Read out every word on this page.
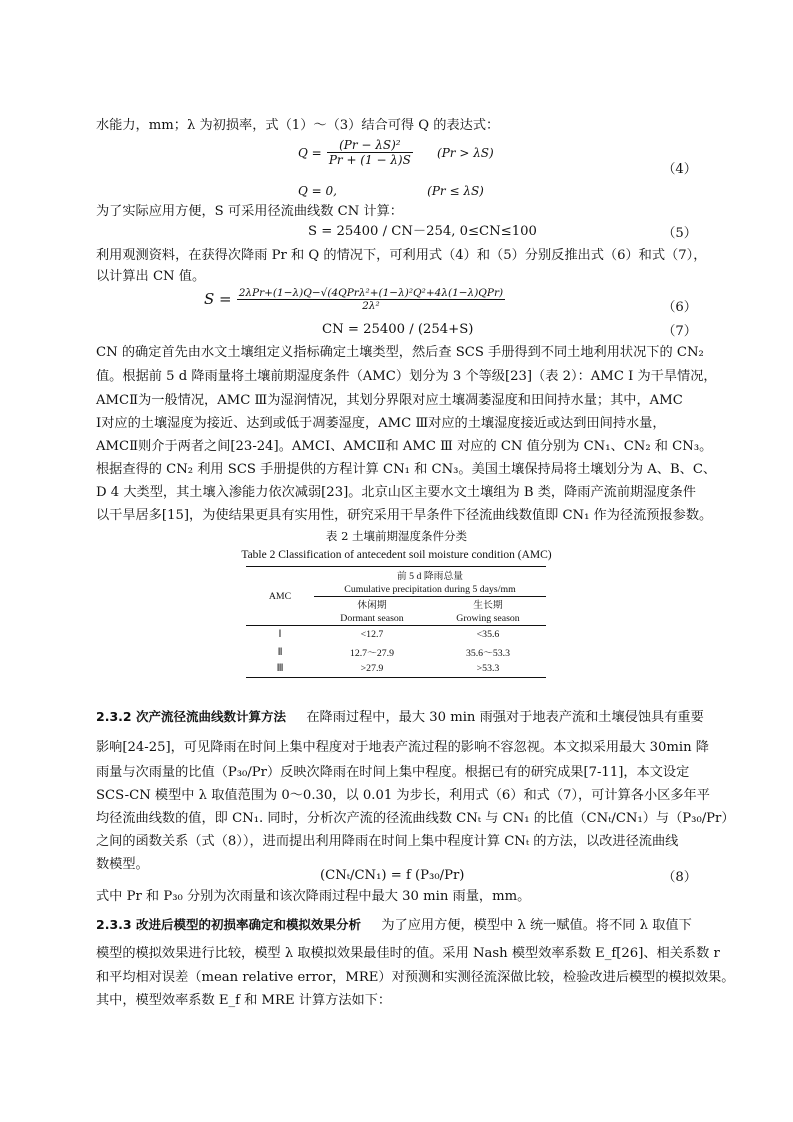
水能力，mm；λ 为初损率，式（1）～（3）结合可得 Q 的表达式：
$Q = \frac{\text{(Pr − λS)²}}{Pr + (1 - \lambda)S} (Pr > \lambda S)$
（4）
Q = 0,	(Pr ≤ λS)
为了实际应用方便，S 可采用径流曲线数 CN 计算：
S = 25400 / CN－254, 0≤CN≤100	（5）
利用观测资料，在获得次降雨 Pr 和 Q 的情况下，可利用式（4）和（5）分别反推出式（6）和式（7），
以计算出 CN 值。
$S = \frac{\text{2λPr+(1−λ)Q−√(4QPrλ²+(1−λ)²Q²+4λ(1−λ)QPr)}}{\text{2λ²}}$	（6）
CN = 25400 / (254+S)	（7）
CN 的确定首先由水文土壤组定义指标确定土壤类型，然后查 SCS 手册得到不同土地利用状况下的 CN₂
值。根据前 5 d 降雨量将土壤前期湿度条件（AMC）划分为 3 个等级[23]（表 2）：AMC Ⅰ 为干旱情况，
AMCⅡ为一般情况，AMC Ⅲ为湿润情况，其划分界限对应土壤凋萎湿度和田间持水量；其中，AMC
Ⅰ对应的土壤湿度为接近、达到或低于凋萎湿度，AMC Ⅲ对应的土壤湿度接近或达到田间持水量，
AMCⅡ则介于两者之间[23-24]。AMCⅠ、AMCⅡ和 AMC Ⅲ 对应的 CN 值分别为 CN₁、CN₂ 和 CN₃。
根据查得的 CN₂ 利用 SCS 手册提供的方程计算 CN₁ 和 CN₃。美国土壤保持局将土壤划分为 A、B、C、
D 4 大类型，其土壤入渗能力依次减弱[23]。北京山区主要水文土壤组为 B 类，降雨产流前期湿度条件
以干旱居多[15]，为使结果更具有实用性，研究采用干旱条件下径流曲线数值即 CN₁ 作为径流预报参数。
表 2 土壤前期湿度条件分类
Table 2 Classification of antecedent soil moisture condition (AMC)
AMC	前 5 d 降雨总量	
	Cumulative precipitation during 5 days/mm	
	休闲期	生长期
	Dormant season	Growing season
Ⅰ	<12.7	<35.6
Ⅱ	12.7～27.9	35.6～53.3
Ⅲ	>27.9	>53.3
2.3.2 次产流径流曲线数计算方法 在降雨过程中，最大 30 min 雨强对于地表产流和土壤侵蚀具有重要
影响[24-25]，可见降雨在时间上集中程度对于地表产流过程的影响不容忽视。本文拟采用最大 30min 降
雨量与次雨量的比值（P₃₀/Pr）反映次降雨在时间上集中程度。根据已有的研究成果[7-11]，本文设定
SCS-CN 模型中 λ 取值范围为 0～0.30，以 0.01 为步长，利用式（6）和式（7），可计算各小区多年平
均径流曲线数的值，即 CN₁. 同时，分析次产流的径流曲线数 CNₜ 与 CN₁ 的比值（CNₜ/CN₁）与（P₃₀/Pr）
之间的函数关系（式（8）），进而提出利用降雨在时间上集中程度计算 CNₜ 的方法，以改进径流曲线
数模型。
(CNₜ/CN₁) = f (P₃₀/Pr)	（8）
式中 Pr 和 P₃₀ 分别为次雨量和该次降雨过程中最大 30 min 雨量，mm。
2.3.3 改进后模型的初损率确定和模拟效果分析 为了应用方便，模型中 λ 统一赋值。将不同 λ 取值下
模型的模拟效果进行比较，模型 λ 取模拟效果最佳时的值。采用 Nash 模型效率系数 E_f[26]、相关系数 r
和平均相对误差（mean relative error，MRE）对预测和实测径流深做比较，检验改进后模型的模拟效果。
其中，模型效率系数 E_f 和 MRE 计算方法如下：
